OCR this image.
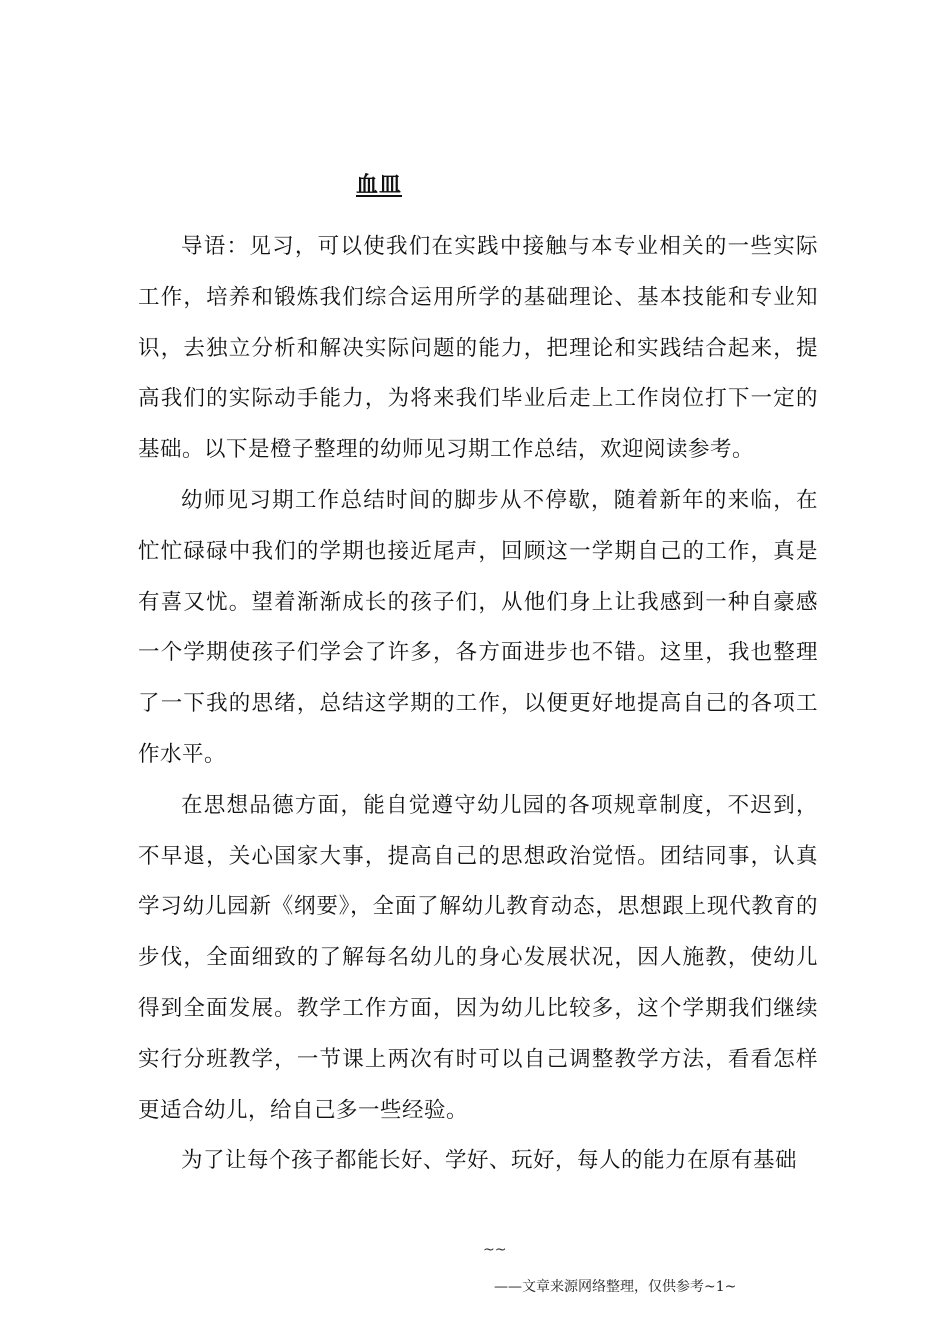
血皿

导语：见习，可以使我们在实践中接触与本专业相关的一些实际工作，培养和锻炼我们综合运用所学的基础理论、基本技能和专业知识，去独立分析和解决实际问题的能力，把理论和实践结合起来，提高我们的实际动手能力，为将来我们毕业后走上工作岗位打下一定的基础。以下是橙子整理的幼师见习期工作总结，欢迎阅读参考。

幼师见习期工作总结时间的脚步从不停歇，随着新年的来临，在忙忙碌碌中我们的学期也接近尾声，回顾这一学期自己的工作，真是有喜又忧。望着渐渐成长的孩子们，从他们身上让我感到一种自豪感一个学期使孩子们学会了许多，各方面进步也不错。这里，我也整理了一下我的思绪，总结这学期的工作，以便更好地提高自己的各项工作水平。

在思想品德方面，能自觉遵守幼儿园的各项规章制度，不迟到，不早退，关心国家大事，提高自己的思想政治觉悟。团结同事，认真学习幼儿园新《纲要》，全面了解幼儿教育动态，思想跟上现代教育的步伐，全面细致的了解每名幼儿的身心发展状况，因人施教，使幼儿得到全面发展。教学工作方面，因为幼儿比较多，这个学期我们继续实行分班教学，一节课上两次有时可以自己调整教学方法，看看怎样更适合幼儿，给自己多一些经验。

为了让每个孩子都能长好、学好、玩好，每人的能力在原有基础

~~
——文章来源网络整理，仅供参考~1~
